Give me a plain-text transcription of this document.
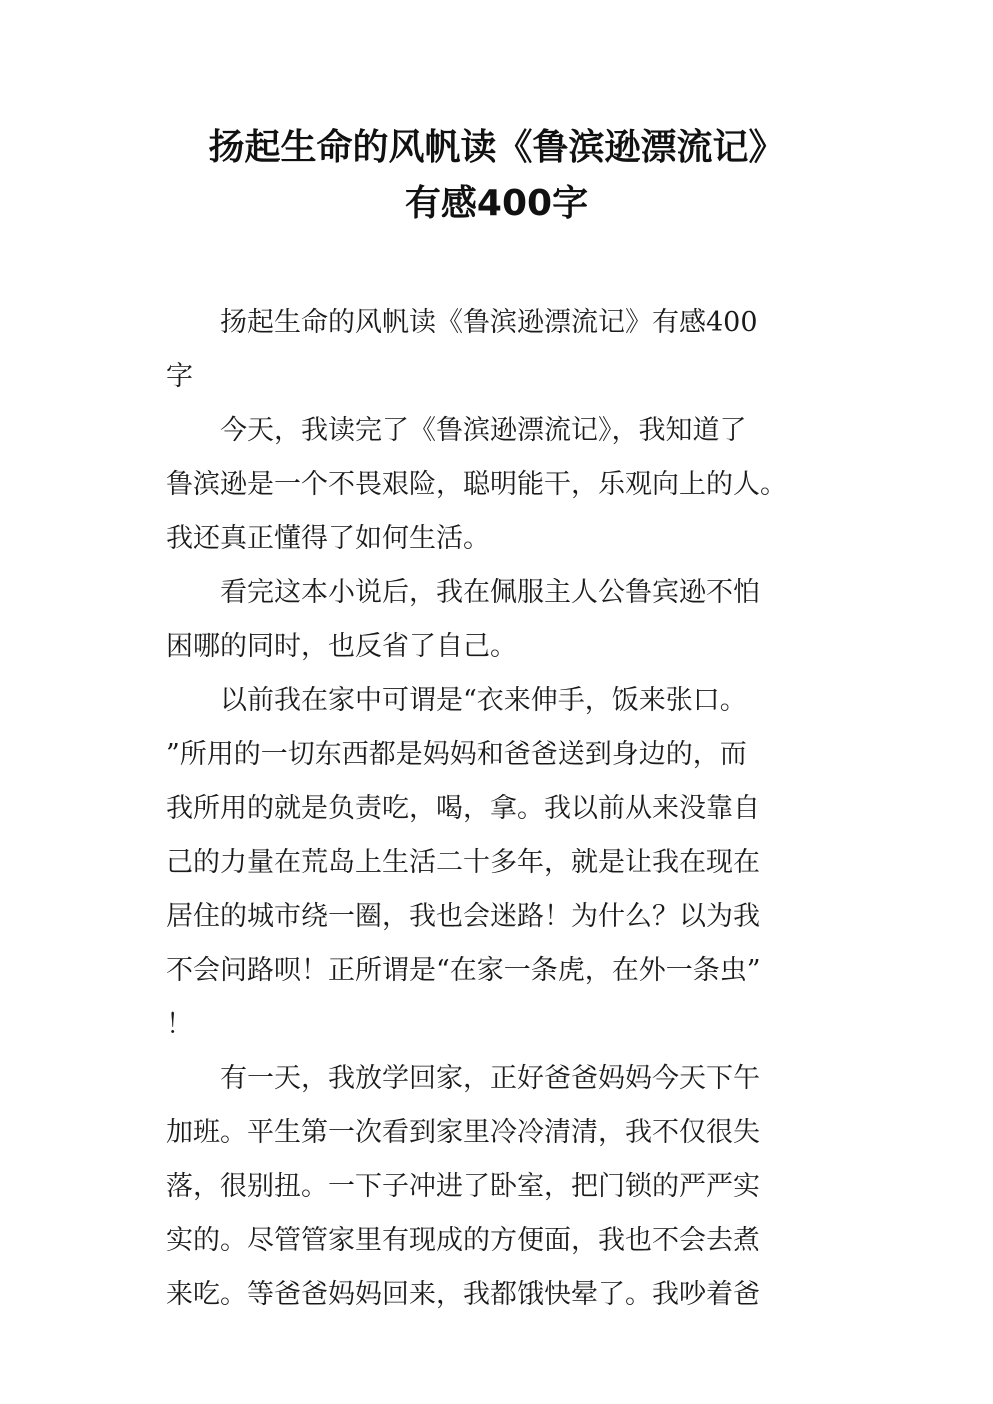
扬起生命的风帆读《鲁滨逊漂流记》
有感400字
　　扬起生命的风帆读《鲁滨逊漂流记》有感400
字
　　今天，我读完了《鲁滨逊漂流记》，我知道了
鲁滨逊是一个不畏艰险，聪明能干，乐观向上的人。
我还真正懂得了如何生活。
　　看完这本小说后，我在佩服主人公鲁宾逊不怕
困哪的同时，也反省了自己。
　　以前我在家中可谓是“衣来伸手，饭来张口。
”所用的一切东西都是妈妈和爸爸送到身边的，而
我所用的就是负责吃，喝，拿。我以前从来没靠自
己的力量在荒岛上生活二十多年，就是让我在现在
居住的城市绕一圈，我也会迷路！为什么？以为我
不会问路呗！正所谓是“在家一条虎，在外一条虫”
！
　　有一天，我放学回家，正好爸爸妈妈今天下午
加班。平生第一次看到家里冷冷清清，我不仅很失
落，很别扭。一下子冲进了卧室，把门锁的严严实
实的。尽管管家里有现成的方便面，我也不会去煮
来吃。等爸爸妈妈回来，我都饿快晕了。我吵着爸
